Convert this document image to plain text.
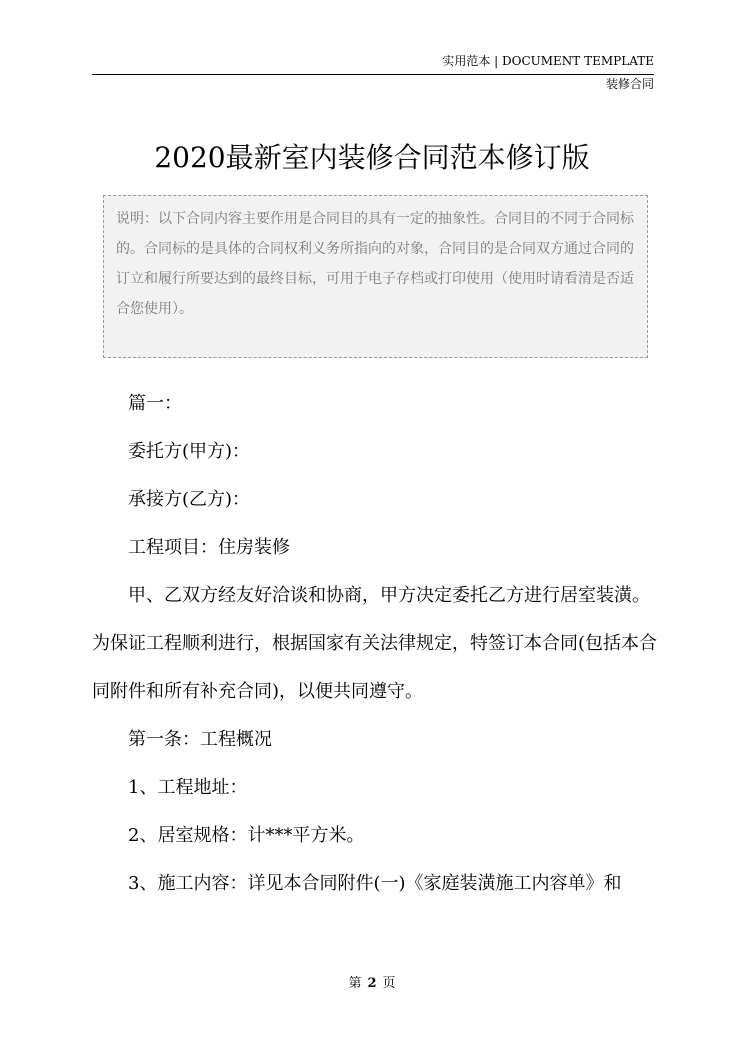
实用范本 | DOCUMENT TEMPLATE
装修合同
2020最新室内装修合同范本修订版
说明：以下合同内容主要作用是合同目的具有一定的抽象性。合同目的不同于合同标的。合同标的是具体的合同权利义务所指向的对象，合同目的是合同双方通过合同的订立和履行所要达到的最终目标，可用于电子存档或打印使用（使用时请看清是否适合您使用）。

篇一：

委托方(甲方)：

承接方(乙方)：

工程项目：住房装修

甲、乙双方经友好洽谈和协商，甲方决定委托乙方进行居室装潢。为保证工程顺利进行，根据国家有关法律规定，特签订本合同(包括本合同附件和所有补充合同)，以便共同遵守。

第一条：工程概况

1、工程地址：

2、居室规格：计***平方米。

3、施工内容：详见本合同附件(一)《家庭装潢施工内容单》和

第 2 页
